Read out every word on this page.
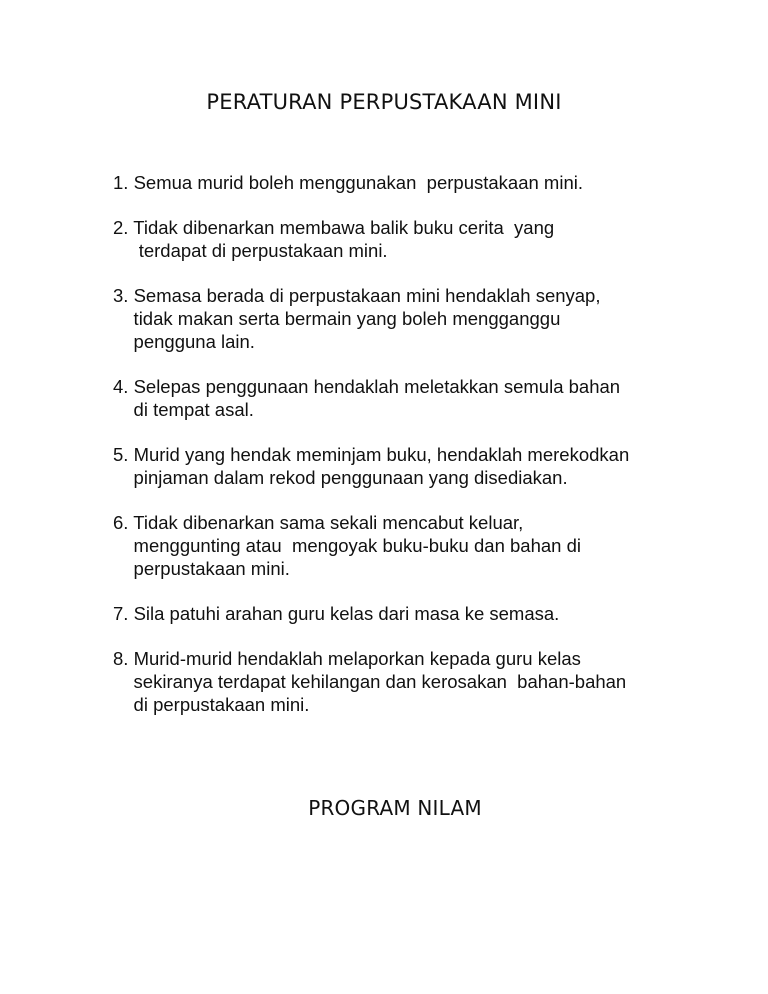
PERATURAN PERPUSTAKAAN MINI
1. Semua murid boleh menggunakan  perpustakaan mini.
2. Tidak dibenarkan membawa balik buku cerita  yang
terdapat di perpustakaan mini.
3. Semasa berada di perpustakaan mini hendaklah senyap,
tidak makan serta bermain yang boleh mengganggu
pengguna lain.
4. Selepas penggunaan hendaklah meletakkan semula bahan
di tempat asal.
5. Murid yang hendak meminjam buku, hendaklah merekodkan
pinjaman dalam rekod penggunaan yang disediakan.
6. Tidak dibenarkan sama sekali mencabut keluar,
menggunting atau  mengoyak buku-buku dan bahan di
perpustakaan mini.
7. Sila patuhi arahan guru kelas dari masa ke semasa.
8. Murid-murid hendaklah melaporkan kepada guru kelas
sekiranya terdapat kehilangan dan kerosakan  bahan-bahan
di perpustakaan mini.
PROGRAM NILAM
